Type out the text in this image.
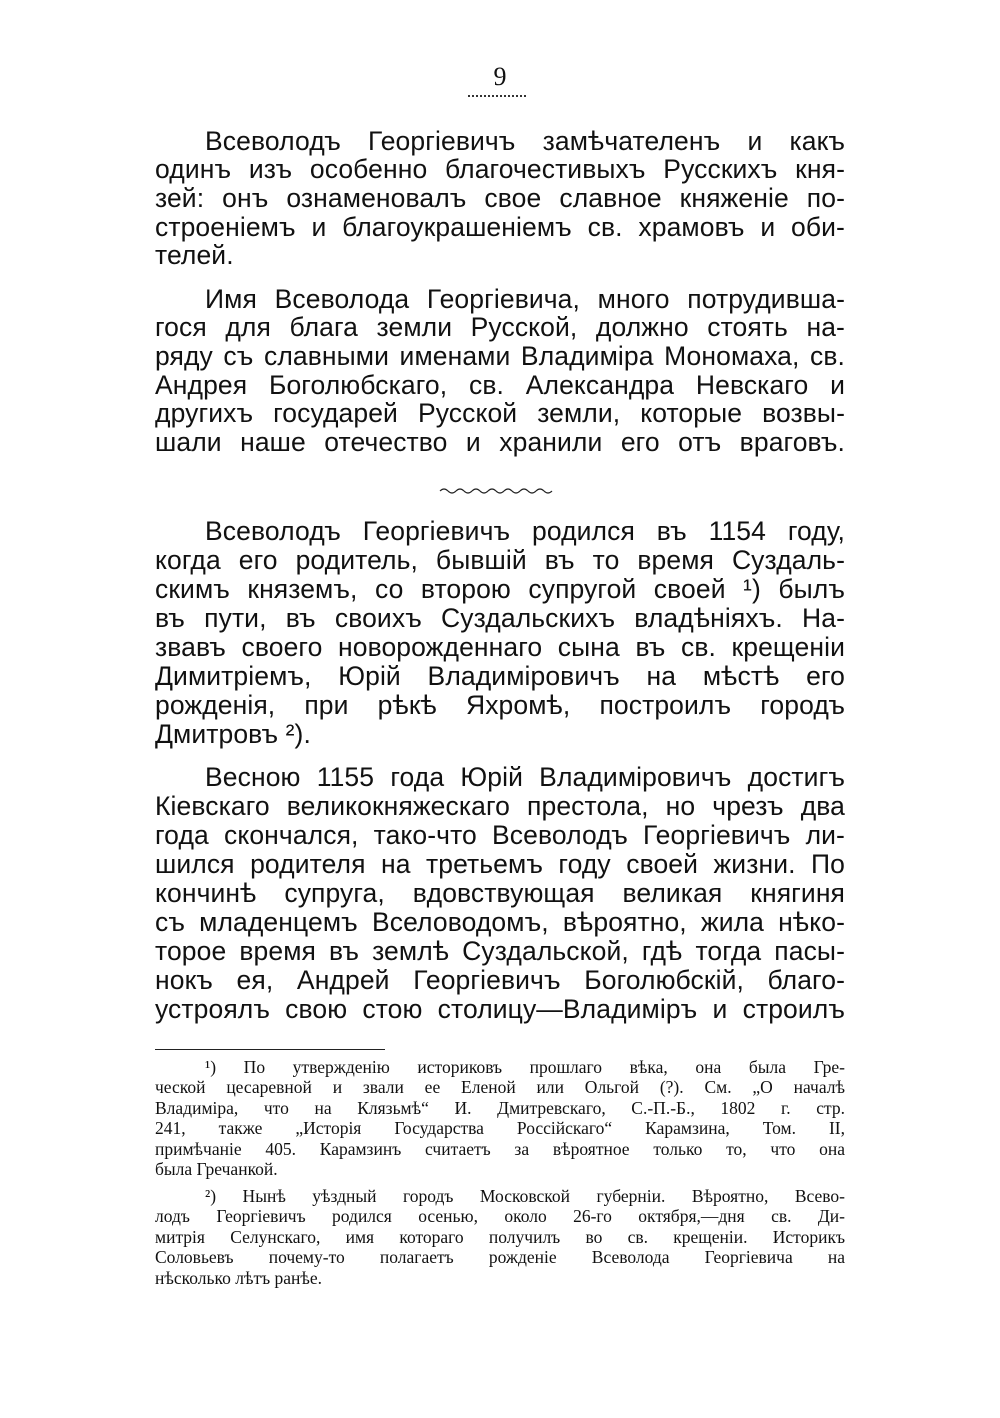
9
Всеволодъ Георгіевичъ замѣчателенъ и какъ
одинъ изъ особенно благочестивыхъ Русскихъ кня-
зей: онъ ознаменовалъ свое славное княженіе по-
строеніемъ и благоукрашеніемъ св. храмовъ и оби-
телей.
Имя Всеволода Георгіевича, много потрудивша-
гося для блага земли Русской, должно стоять на-
ряду съ славными именами Владиміра Мономаха, св.
Андрея Боголюбскаго, св. Александра Невскаго и
другихъ государей Русской земли, которые возвы-
шали наше отечество и хранили его отъ враговъ.
Всеволодъ Георгіевичъ родился въ 1154 году,
когда его родитель, бывшій въ то время Суздаль-
скимъ княземъ, со второю супругой своей ¹) былъ
въ пути, въ своихъ Суздальскихъ владѣніяхъ. На-
звавъ своего новорожденнаго сына въ св. крещеніи
Димитріемъ, Юрій Владиміровичъ на мѣстѣ его
рожденія, при рѣкѣ Яхромѣ, построилъ городъ
Дмитровъ ²).
Весною 1155 года Юрій Владиміровичъ достигъ
Кіевскаго великокняжескаго престола, но чрезъ два
года скончался, тако-что Всеволодъ Георгіевичъ ли-
шился родителя на третьемъ году своей жизни. По
кончинѣ супруга, вдовствующая великая княгиня
съ младенцемъ Вселоводомъ, вѣроятно, жила нѣко-
торое время въ землѣ Суздальской, гдѣ тогда пасы-
нокъ ея, Андрей Георгіевичъ Боголюбскій, благо-
устроялъ свою стою столицу—Владиміръ и строилъ
¹) По утвержденію историковъ прошлаго вѣка, она была Гре-
ческой цесаревной и звали ее Еленой или Ольгой (?). См. „О началѣ
Владиміра, что на Клязьмѣ“ И. Дмитревскаго, С.-П.-Б., 1802 г. стр.
241, также „Исторія Государства Россійскаго“ Карамзина, Том. II,
примѣчаніе 405. Карамзинъ считаетъ за вѣроятное только то, что она
была Гречанкой.
²) Нынѣ уѣздный городъ Московской губерніи. Вѣроятно, Всево-
лодъ Георгіевичъ родился осенью, около 26-го октября,—дня св. Ди-
митрія Селунскаго, имя котораго получилъ во св. крещеніи. Историкъ
Соловьевъ почему-то полагаетъ рожденіе Всеволода Георгіевича на
нѣсколько лѣтъ ранѣе.
